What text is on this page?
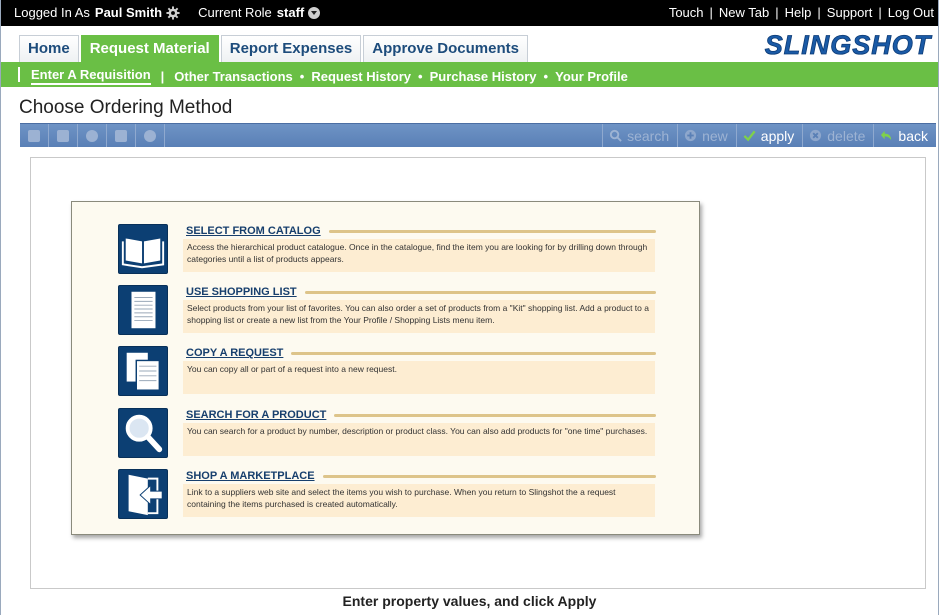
Logged In As Paul Smith	Current Role staff	Touch | New Tab | Help | Support | Log Out
Home	Request Material	Report Expenses	Approve Documents	SLINGSHOT
Enter A Requisition | Other Transactions • Request History • Purchase History • Your Profile
Choose Ordering Method
search new apply delete back
SELECT FROM CATALOG
Access the hierarchical product catalogue. Once in the catalogue, find the item you are looking for by drilling down through categories until a list of products appears.
USE SHOPPING LIST
Select products from your list of favorites. You can also order a set of products from a "Kit" shopping list. Add a product to a shopping list or create a new list from the Your Profile / Shopping Lists menu item.
COPY A REQUEST
You can copy all or part of a request into a new request.
SEARCH FOR A PRODUCT
You can search for a product by number, description or product class. You can also add products for "one time" purchases.
SHOP A MARKETPLACE
Link to a suppliers web site and select the items you wish to purchase. When you return to Slingshot the a request containing the items purchased is created automatically.
Enter property values, and click Apply
